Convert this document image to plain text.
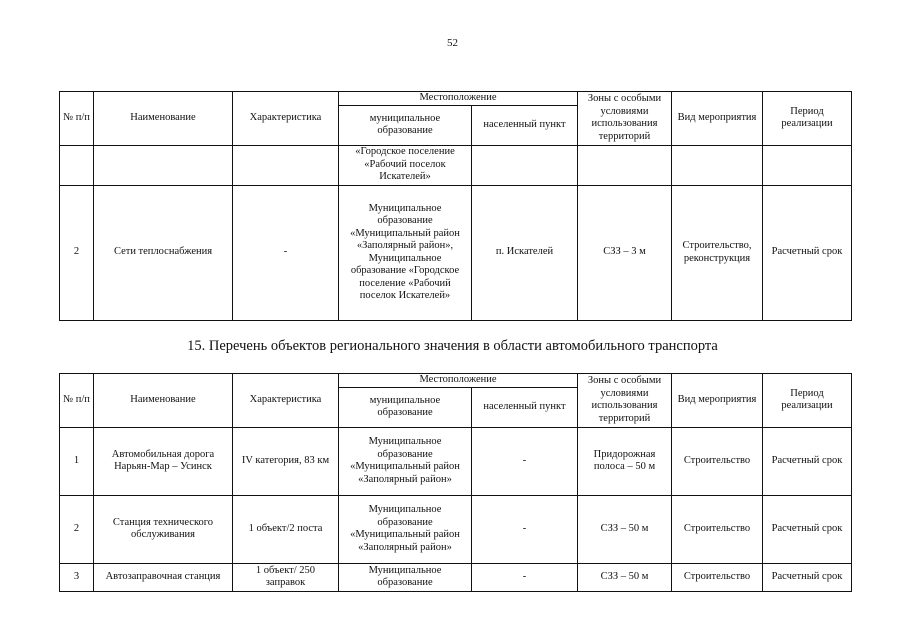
52
№ п/п	Наименование	Характеристика	Местоположение		Зоны с особыми условиями использования территорий	Вид мероприятия	Период реализации
			муниципальное образование	населенный пункт			
			«Городское поселение «Рабочий поселок Искателей»				
2	Сети теплоснабжения	-	Муниципальное образование «Муниципальный район «Заполярный район», Муниципальное образование «Городское поселение «Рабочий поселок Искателей»	п. Искателей	СЗЗ – 3 м	Строительство, реконструкция	Расчетный срок
15. Перечень объектов регионального значения в области автомобильного транспорта
№ п/п	Наименование	Характеристика	Местоположение		Зоны с особыми условиями использования территорий	Вид мероприятия	Период реализации
			муниципальное образование	населенный пункт			
1	Автомобильная дорога Нарьян-Мар – Усинск	IV категория, 83 км	Муниципальное образование «Муниципальный район «Заполярный район»	-	Придорожная полоса – 50 м	Строительство	Расчетный срок
2	Станция технического обслуживания	1 объект/2 поста	Муниципальное образование «Муниципальный район «Заполярный район»	-	СЗЗ – 50 м	Строительство	Расчетный срок
3	Автозаправочная станция	1 объект/ 250 заправок	Муниципальное образование	-	СЗЗ – 50 м	Строительство	Расчетный срок
